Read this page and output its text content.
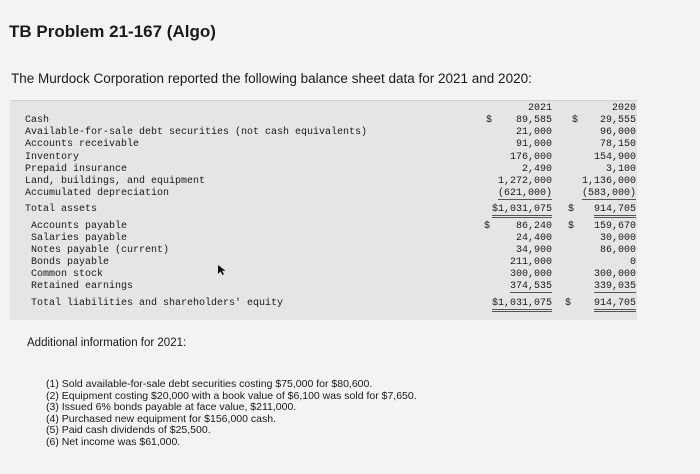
TB Problem 21-167 (Algo)
The Murdock Corporation reported the following balance sheet data for 2021 and 2020:
2021	2020
Cash	$ 89,585 $ 29,555
Available-for-sale debt securities (not cash equivalents)	21,000	96,000
Accounts receivable	91,000	78,150
Inventory	176,000	154,900
Prepaid insurance	2,490	3,100
Land, buildings, and equipment	1,272,000	1,136,000
Accumulated depreciation	(621,000)	(583,000)
Total assets	$1,031,075 $ 914,705
Accounts payable	$	86,240 $ 159,670
Salaries payable	24,400	30,000
Notes payable (current)	34,900	86,000
Bonds payable	211,000	0
Common stock	300,000	300,000
Retained earnings	374,535	339,035
Total liabilities and shareholders' equity	$1,031,075 $ 914,705
Additional information for 2021:
(1) Sold available-for-sale debt securities costing $75,000 for $80,600.
(2) Equipment costing $20,000 with a book value of $6,100 was sold for $7,650.
(3) Issued 6% bonds payable at face value, $211,000.
(4) Purchased new equipment for $156,000 cash.
(5) Paid cash dividends of $25,500.
(6) Net income was $61,000.
